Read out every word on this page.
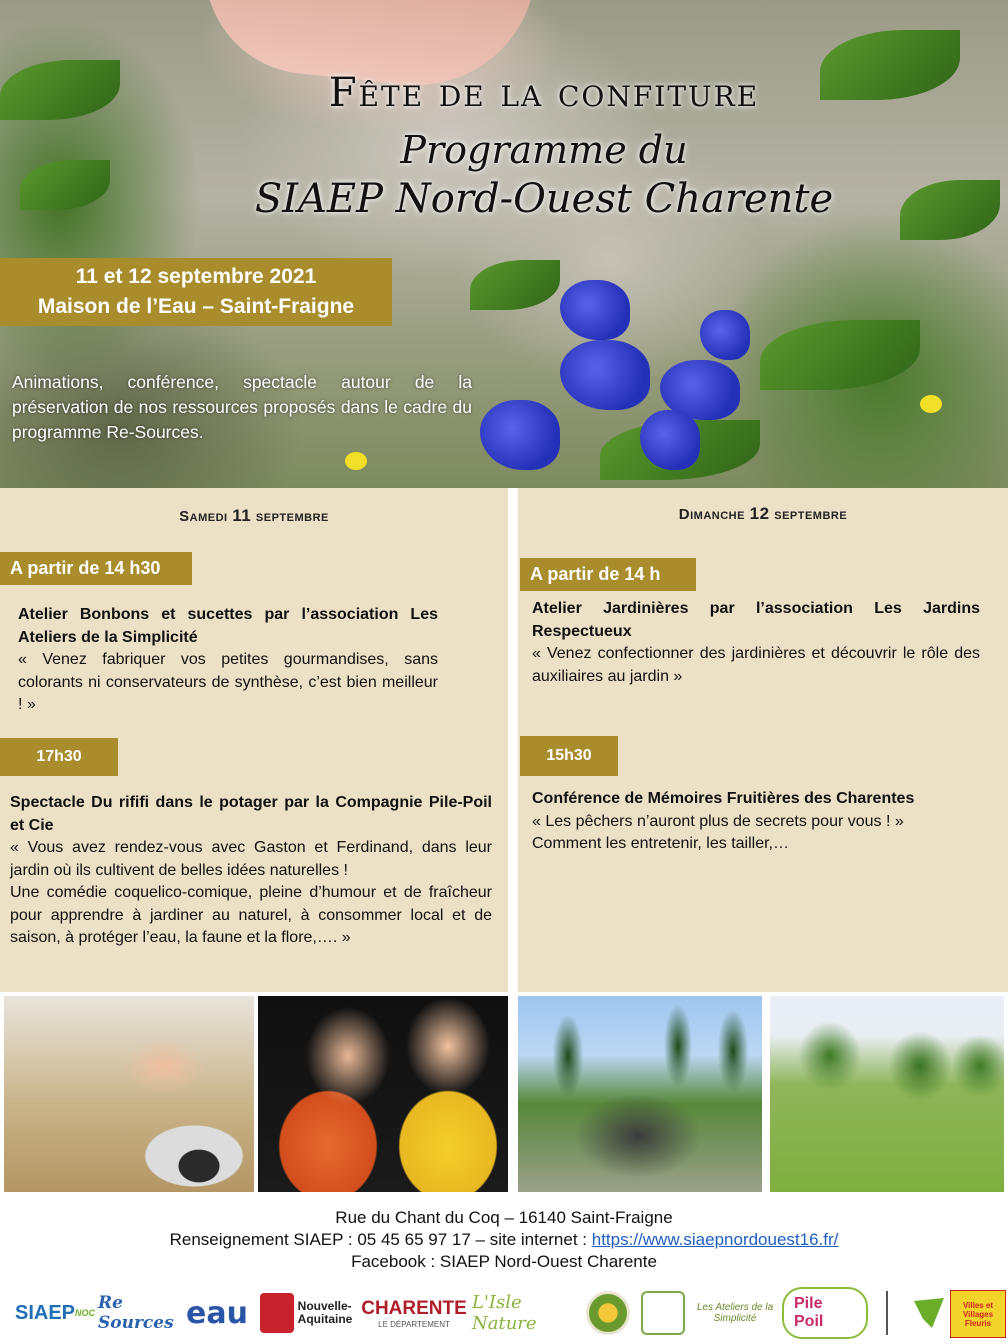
Fête de la confiture
Programme du
SIAEP Nord-Ouest Charente
11 et 12 septembre 2021
Maison de l’Eau – Saint-Fraigne
Animations, conférence, spectacle autour de la préservation de nos ressources proposés dans le cadre du programme Re-Sources.
Samedi 11 septembre
A partir de 14 h30
Atelier Bonbons et sucettes par l’association Les Ateliers de la Simplicité
« Venez fabriquer vos petites gourmandises, sans colorants ni conservateurs de synthèse, c’est bien meilleur ! »
17h30
Spectacle Du rififi dans le potager par la Compagnie Pile-Poil et Cie
« Vous avez rendez-vous avec Gaston et Ferdinand, dans leur jardin où ils cultivent de belles idées naturelles !
Une comédie coquelico-comique, pleine d’humour et de fraîcheur pour apprendre à jardiner au naturel, à consommer local et de saison, à protéger l’eau, la faune et la flore,…. »
Dimanche 12 septembre
A partir de 14 h
Atelier Jardinières par l’association Les Jardins Respectueux
« Venez confectionner des jardinières et découvrir le rôle des auxiliaires au jardin »
15h30
Conférence de Mémoires Fruitières des Charentes
« Les pêchers n’auront plus de secrets pour vous ! »
Comment les entretenir, les tailler,…
Rue du Chant du Coq – 16140 Saint-Fraigne
Renseignement SIAEP : 05 45 65 97 17 – site internet : https://www.siaepnordouest16.fr/
Facebook : SIAEP Nord-Ouest Charente
SIAEP NOC Re Sources eau	Nouvelle-
Aquitaine
CHARENTE
LE DÉPARTEMENT
L'Isle Nature
Les Ateliers de la Simplicité
Pile Poil
Villes et Villages Fleuris
